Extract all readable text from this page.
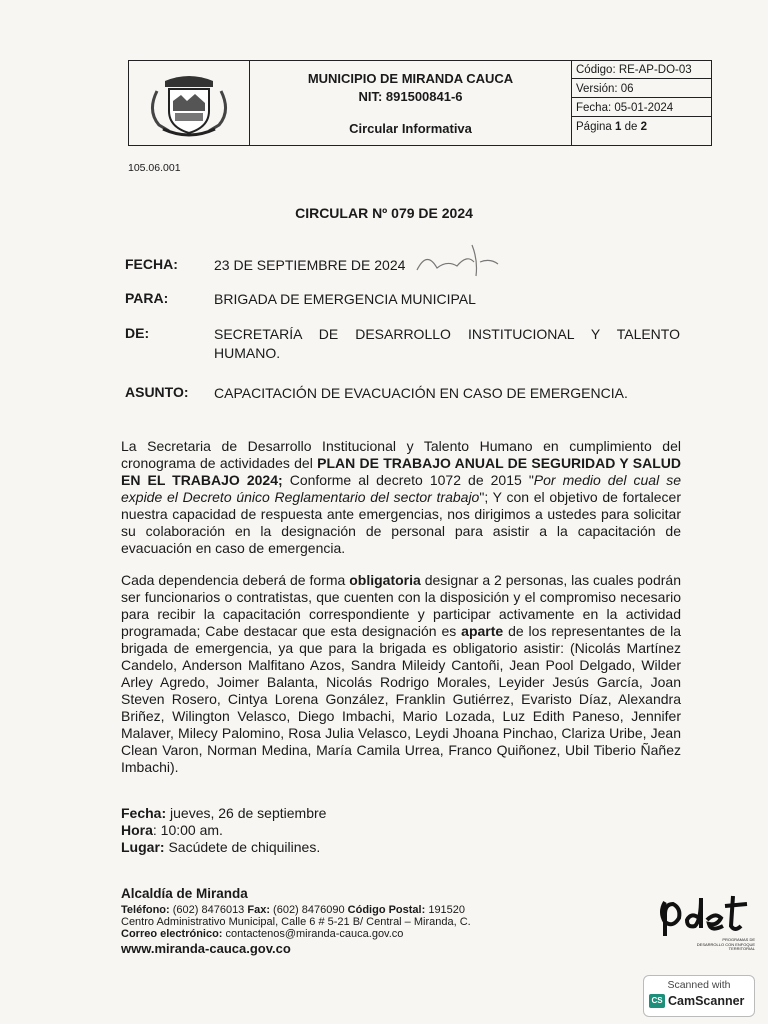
MUNICIPIO DE MIRANDA CAUCA
NIT: 891500841-6
Circular Informativa
Código: RE-AP-DO-03
Versión: 06
Fecha: 05-01-2024
Página 1 de 2
105.06.001
CIRCULAR Nº 079 DE 2024
FECHA:	23 DE SEPTIEMBRE DE 2024
PARA:	BRIGADA DE EMERGENCIA MUNICIPAL
DE:	SECRETARÍA DE DESARROLLO INSTITUCIONAL Y TALENTO HUMANO.
ASUNTO: CAPACITACIÓN DE EVACUACIÓN EN CASO DE EMERGENCIA.

La Secretaria de Desarrollo Institucional y Talento Humano en cumplimiento del cronograma de actividades del PLAN DE TRABAJO ANUAL DE SEGURIDAD Y SALUD EN EL TRABAJO 2024; Conforme al decreto 1072 de 2015 "Por medio del cual se expide el Decreto único Reglamentario del sector trabajo"; Y con el objetivo de fortalecer nuestra capacidad de respuesta ante emergencias, nos dirigimos a ustedes para solicitar su colaboración en la designación de personal para asistir a la capacitación de evacuación en caso de emergencia.

Cada dependencia deberá de forma obligatoria designar a 2 personas, las cuales podrán ser funcionarios o contratistas, que cuenten con la disposición y el compromiso necesario para recibir la capacitación correspondiente y participar activamente en la actividad programada; Cabe destacar que esta designación es aparte de los representantes de la brigada de emergencia, ya que para la brigada es obligatorio asistir: (Nicolás Martínez Candelo, Anderson Malfitano Azos, Sandra Mileidy Cantoñi, Jean Pool Delgado, Wilder Arley Agredo, Joimer Balanta, Nicolás Rodrigo Morales, Leyider Jesús García, Joan Steven Rosero, Cintya Lorena González, Franklin Gutiérrez, Evaristo Díaz, Alexandra Briñez, Wilington Velasco, Diego Imbachi, Mario Lozada, Luz Edith Paneso, Jennifer Malaver, Milecy Palomino, Rosa Julia Velasco, Leydi Jhoana Pinchao, Clariza Uribe, Jean Clean Varon, Norman Medina, María Camila Urrea, Franco Quiñonez, Ubil Tiberio Ñañez Imbachi).

Fecha: jueves, 26 de septiembre
Hora: 10:00 am.
Lugar: Sacúdete de chiquilines.
Alcaldía de Miranda
Teléfono: (602) 8476013 Fax: (602) 8476090 Código Postal: 191520
Centro Administrativo Municipal, Calle 6 # 5-21 B/ Central – Miranda, C.
Correo electrónico: contactenos@miranda-cauca.gov.co
www.miranda-cauca.gov.co
PROGRAMAS DE DESARROLLO CON ENFOQUE TERRITORIAL
Scanned with
CS CamScanner
